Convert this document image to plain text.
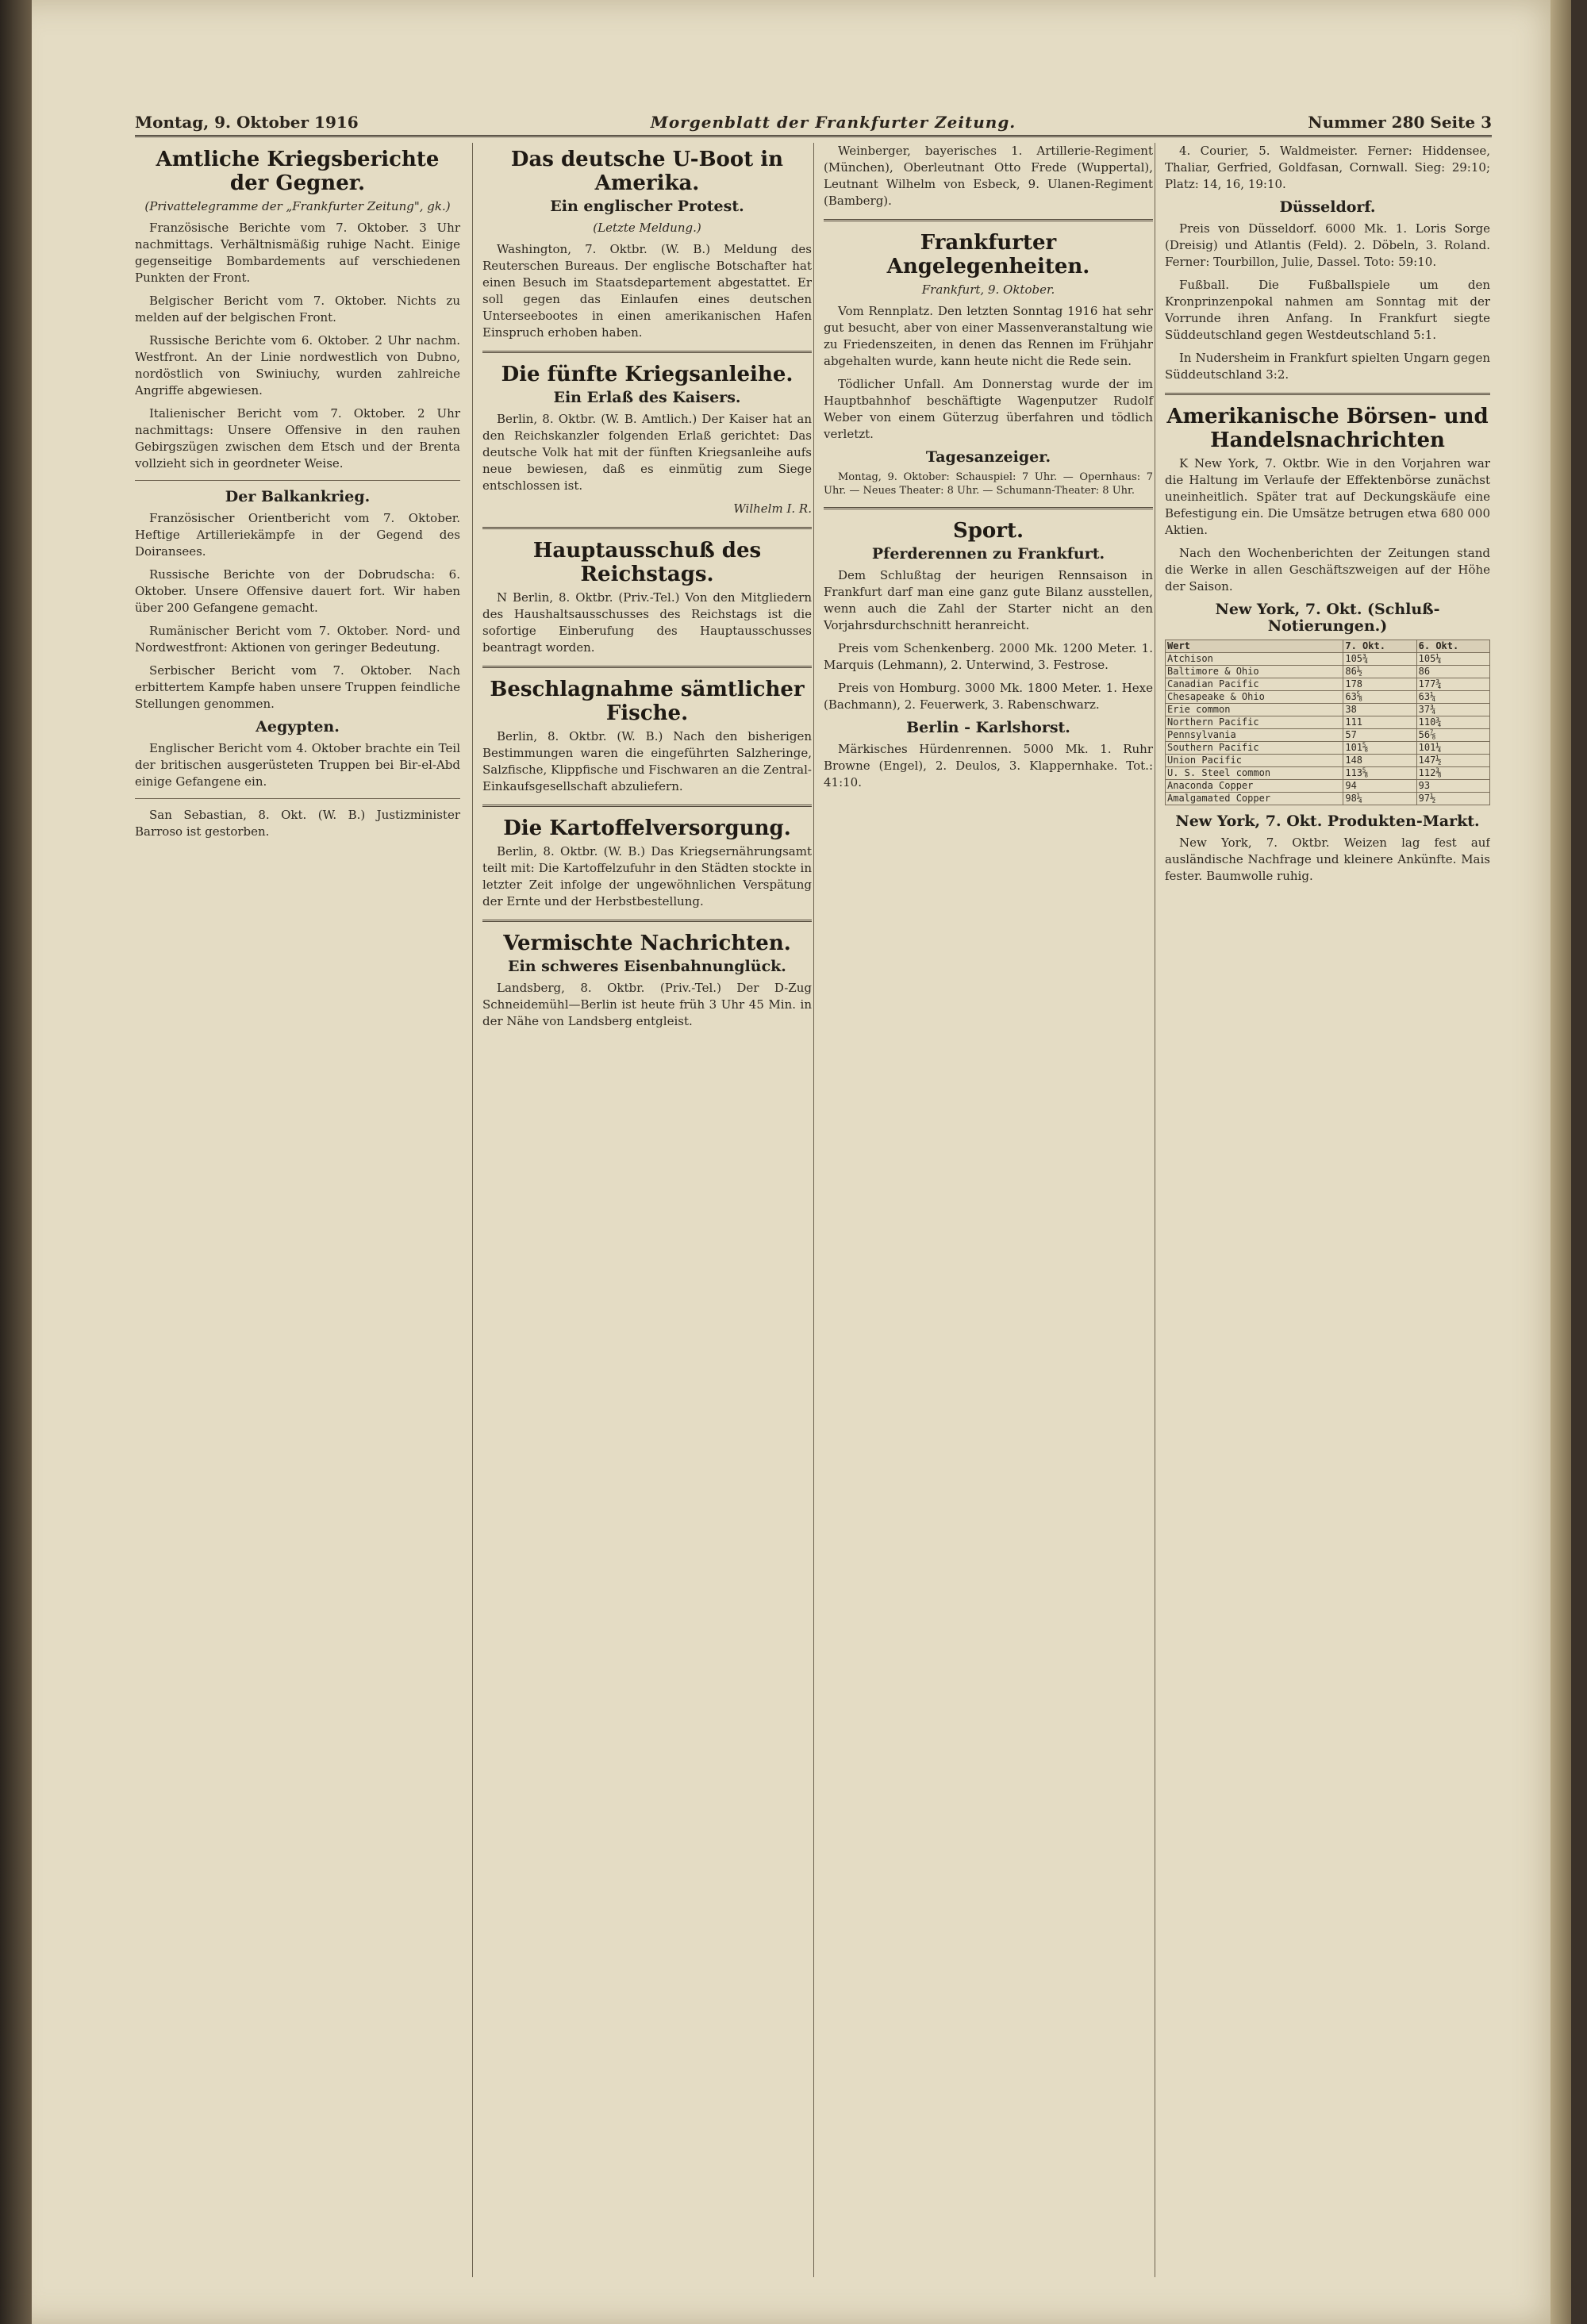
Montag, 9. Oktober 1916	Morgenblatt der Frankfurter Zeitung.	Nummer 280 Seite 3
Amtliche Kriegsberichte der Gegner.
(Privattelegramme der „Frankfurter Zeitung", gk.)

Französische Berichte vom 7. Oktober. 3 Uhr nachmittags. Verhältnismäßig ruhige Nacht. Einige gegenseitige Bombardements auf verschiedenen Punkten der Front.

Belgischer Bericht vom 7. Oktober. Nichts zu melden auf der belgischen Front.

Russische Berichte vom 6. Oktober. 2 Uhr nachm. Westfront. An der Linie nordwestlich von Dubno, nordöstlich von Swiniuchy, wurden zahlreiche Angriffe abgewiesen.

Italienischer Bericht vom 7. Oktober. 2 Uhr nachmittags: Unsere Offensive in den rauhen Gebirgszügen zwischen dem Etsch und der Brenta vollzieht sich in geordneter Weise.

Der Balkankrieg.

Französischer Orientbericht vom 7. Oktober. Heftige Artilleriekämpfe in der Gegend des Doiransees.

Russische Berichte von der Dobrudscha: 6. Oktober. Unsere Offensive dauert fort. Wir haben über 200 Gefangene gemacht.

Rumänischer Bericht vom 7. Oktober. Nord- und Nordwestfront: Aktionen von geringer Bedeutung.

Serbischer Bericht vom 7. Oktober. Nach erbittertem Kampfe haben unsere Truppen feindliche Stellungen genommen.

Aegypten.

Englischer Bericht vom 4. Oktober brachte ein Teil der britischen ausgerüsteten Truppen bei Bir-el-Abd einige Gefangene ein.

San Sebastian, 8. Okt. (W. B.) Justizminister Barroso ist gestorben.

Das deutsche U-Boot in Amerika.
Ein englischer Protest.
(Letzte Meldung.)

Washington, 7. Oktbr. (W. B.) Meldung des Reuterschen Bureaus. Der englische Botschafter hat einen Besuch im Staatsdepartement abgestattet. Er soll gegen das Einlaufen eines deutschen Unterseebootes in einen amerikanischen Hafen Einspruch erhoben haben.

Die fünfte Kriegsanleihe.
Ein Erlaß des Kaisers.

Berlin, 8. Oktbr. (W. B. Amtlich.) Der Kaiser hat an den Reichskanzler folgenden Erlaß gerichtet: Das deutsche Volk hat mit der fünften Kriegsanleihe aufs neue bewiesen, daß es einmütig zum Siege entschlossen ist.

Wilhelm I. R.
Hauptausschuß des Reichstags.

N Berlin, 8. Oktbr. (Priv.-Tel.) Von den Mitgliedern des Haushaltsausschusses des Reichstags ist die sofortige Einberufung des Hauptausschusses beantragt worden.

Beschlagnahme sämtlicher Fische.

Berlin, 8. Oktbr. (W. B.) Nach den bisherigen Bestimmungen waren die eingeführten Salzheringe, Salzfische, Klippfische und Fischwaren an die Zentral-Einkaufsgesellschaft abzuliefern.

Die Kartoffelversorgung.

Berlin, 8. Oktbr. (W. B.) Das Kriegsernährungsamt teilt mit: Die Kartoffelzufuhr in den Städten stockte in letzter Zeit infolge der ungewöhnlichen Verspätung der Ernte und der Herbstbestellung.

Vermischte Nachrichten.
Ein schweres Eisenbahnunglück.

Landsberg, 8. Oktbr. (Priv.-Tel.) Der D-Zug Schneidemühl—Berlin ist heute früh 3 Uhr 45 Min. in der Nähe von Landsberg entgleist.

Weinberger, bayerisches 1. Artillerie-Regiment (München), Oberleutnant Otto Frede (Wuppertal), Leutnant Wilhelm von Esbeck, 9. Ulanen-Regiment (Bamberg).

Frankfurter Angelegenheiten.
Frankfurt, 9. Oktober.

Vom Rennplatz. Den letzten Sonntag 1916 hat sehr gut besucht, aber von einer Massenveranstaltung wie zu Friedenszeiten, in denen das Rennen im Frühjahr abgehalten wurde, kann heute nicht die Rede sein.

Tödlicher Unfall. Am Donnerstag wurde der im Hauptbahnhof beschäftigte Wagenputzer Rudolf Weber von einem Güterzug überfahren und tödlich verletzt.

Tagesanzeiger.

Montag, 9. Oktober: Schauspiel: 7 Uhr. — Opernhaus: 7 Uhr. — Neues Theater: 8 Uhr. — Schumann-Theater: 8 Uhr.

Sport.
Pferderennen zu Frankfurt.

Dem Schlußtag der heurigen Rennsaison in Frankfurt darf man eine ganz gute Bilanz ausstellen, wenn auch die Zahl der Starter nicht an den Vorjahrsdurchschnitt heranreicht.

Preis vom Schenkenberg. 2000 Mk. 1200 Meter. 1. Marquis (Lehmann), 2. Unterwind, 3. Festrose.

Preis von Homburg. 3000 Mk. 1800 Meter. 1. Hexe (Bachmann), 2. Feuerwerk, 3. Rabenschwarz.

Berlin - Karlshorst.

Märkisches Hürdenrennen. 5000 Mk. 1. Ruhr Browne (Engel), 2. Deulos, 3. Klappernhake. Tot.: 41:10.

4. Courier, 5. Waldmeister. Ferner: Hiddensee, Thaliar, Gerfried, Goldfasan, Cornwall. Sieg: 29:10; Platz: 14, 16, 19:10.

Düsseldorf.

Preis von Düsseldorf. 6000 Mk. 1. Loris Sorge (Dreisig) und Atlantis (Feld). 2. Döbeln, 3. Roland. Ferner: Tourbillon, Julie, Dassel. Toto: 59:10.

Fußball. Die Fußballspiele um den Kronprinzenpokal nahmen am Sonntag mit der Vorrunde ihren Anfang. In Frankfurt siegte Süddeutschland gegen Westdeutschland 5:1.

In Nudersheim in Frankfurt spielten Ungarn gegen Süddeutschland 3:2.

Amerikanische Börsen- und Handelsnachrichten

K New York, 7. Oktbr. Wie in den Vorjahren war die Haltung im Verlaufe der Effektenbörse zunächst uneinheitlich. Später trat auf Deckungskäufe eine Befestigung ein. Die Umsätze betrugen etwa 680 000 Aktien.

Nach den Wochenberichten der Zeitungen stand die Werke in allen Geschäftszweigen auf der Höhe der Saison.

New York, 7. Okt. (Schluß-Notierungen.)
Wert	7. Okt.	6. Okt.
Atchison	105¾	105¼
Baltimore & Ohio	86½	86
Canadian Pacific	178	177¾
Chesapeake & Ohio	63⅝	63¼
Erie common	38	37¾
Northern Pacific	111	110¾
Pennsylvania	57	56⅞
Southern Pacific	101⅝	101¼
Union Pacific	148	147½
U. S. Steel common	113⅝	112⅜
Anaconda Copper	94	93
Amalgamated Copper	98¼	97½
New York, 7. Okt. Produkten-Markt.

New York, 7. Oktbr. Weizen lag fest auf ausländische Nachfrage und kleinere Ankünfte. Mais fester. Baumwolle ruhig.
